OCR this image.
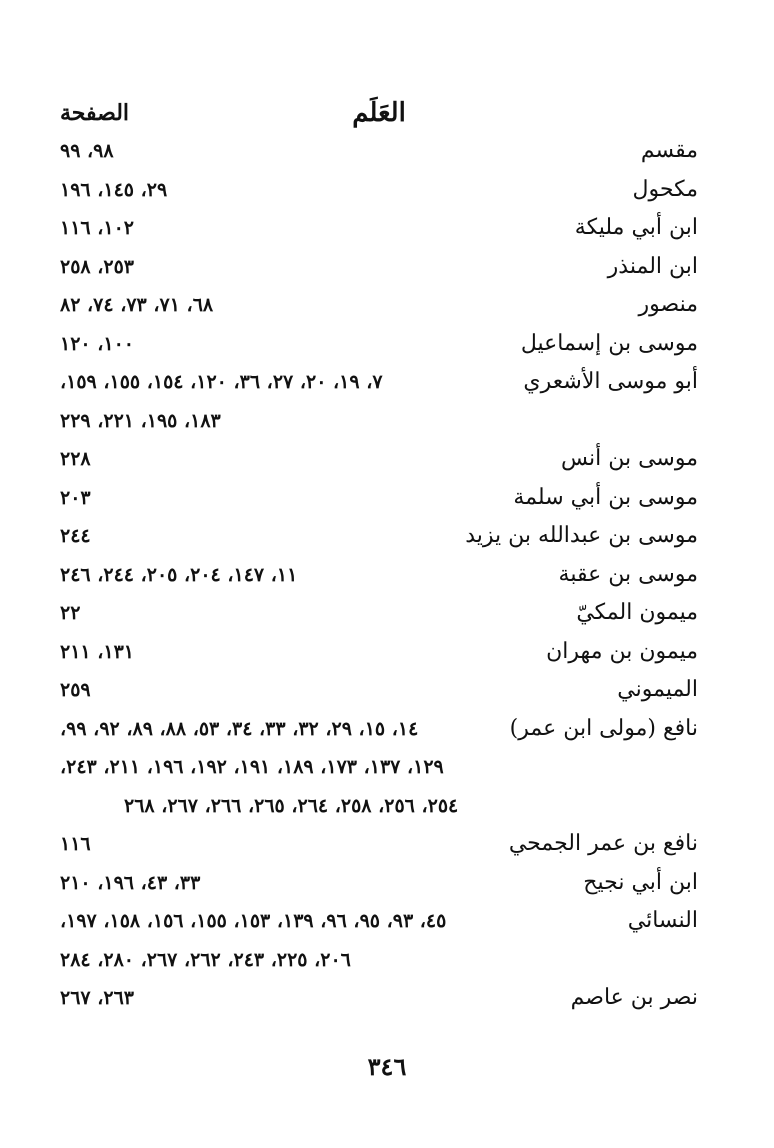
العَلَم
الصفحة
مقسم
٩٨، ٩٩
مكحول
٢٩، ١٤٥، ١٩٦
ابن أبي مليكة
١٠٢، ١١٦
ابن المنذر
٢٥٣، ٢٥٨
منصور
٦٨، ٧١، ٧٣، ٧٤، ٨٢
موسى بن إسماعيل
١٠٠، ١٢٠
أبو موسى الأشعري
٧، ١٩، ٢٠، ٢٧، ٣٦، ١٢٠، ١٥٤، ١٥٥، ١٥٩،
١٨٣، ١٩٥، ٢٢١، ٢٢٩
موسى بن أنس
٢٢٨
موسى بن أبي سلمة
٢٠٣
موسى بن عبدالله بن يزيد
٢٤٤
موسى بن عقبة
١١، ١٤٧، ٢٠٤، ٢٠٥، ٢٤٤، ٢٤٦
ميمون المكيّ
٢٢
ميمون بن مهران
١٣١، ٢١١
الميموني
٢٥٩
نافع (مولى ابن عمر)
١٤، ١٥، ٢٩، ٣٢، ٣٣، ٣٤، ٥٣، ٨٨، ٨٩، ٩٢، ٩٩،
١٢٩، ١٣٧، ١٧٣، ١٨٩، ١٩١، ١٩٢، ١٩٦، ٢١١، ٢٤٣،
٢٥٤، ٢٥٦، ٢٥٨، ٢٦٤، ٢٦٥، ٢٦٦، ٢٦٧، ٢٦٨
نافع بن عمر الجمحي
١١٦
ابن أبي نجيح
٣٣، ٤٣، ١٩٦، ٢١٠
النسائي
٤٥، ٩٣، ٩٥، ٩٦، ١٣٩، ١٥٣، ١٥٥، ١٥٦، ١٥٨، ١٩٧،
٢٠٦، ٢٢٥، ٢٤٣، ٢٦٢، ٢٦٧، ٢٨٠، ٢٨٤
نصر بن عاصم
٢٦٣، ٢٦٧
٣٤٦
